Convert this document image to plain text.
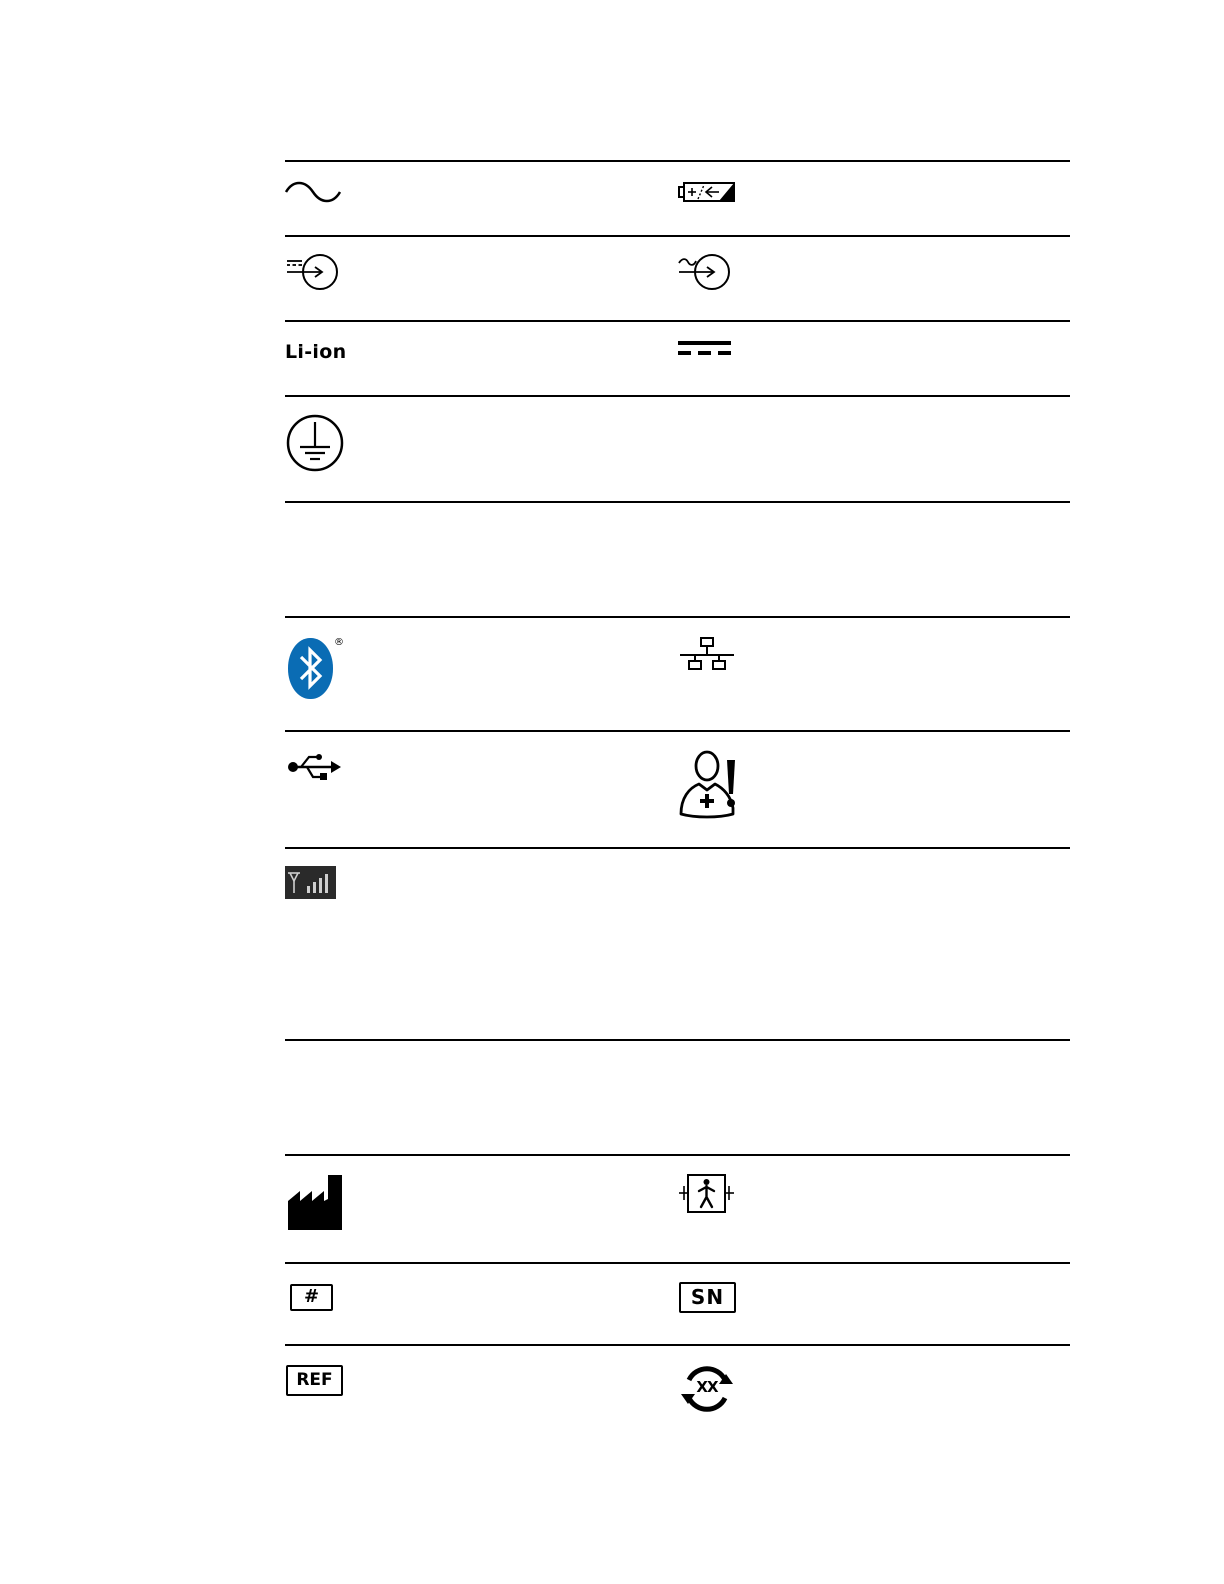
Li-ion
®
#	SN
REF	XX
